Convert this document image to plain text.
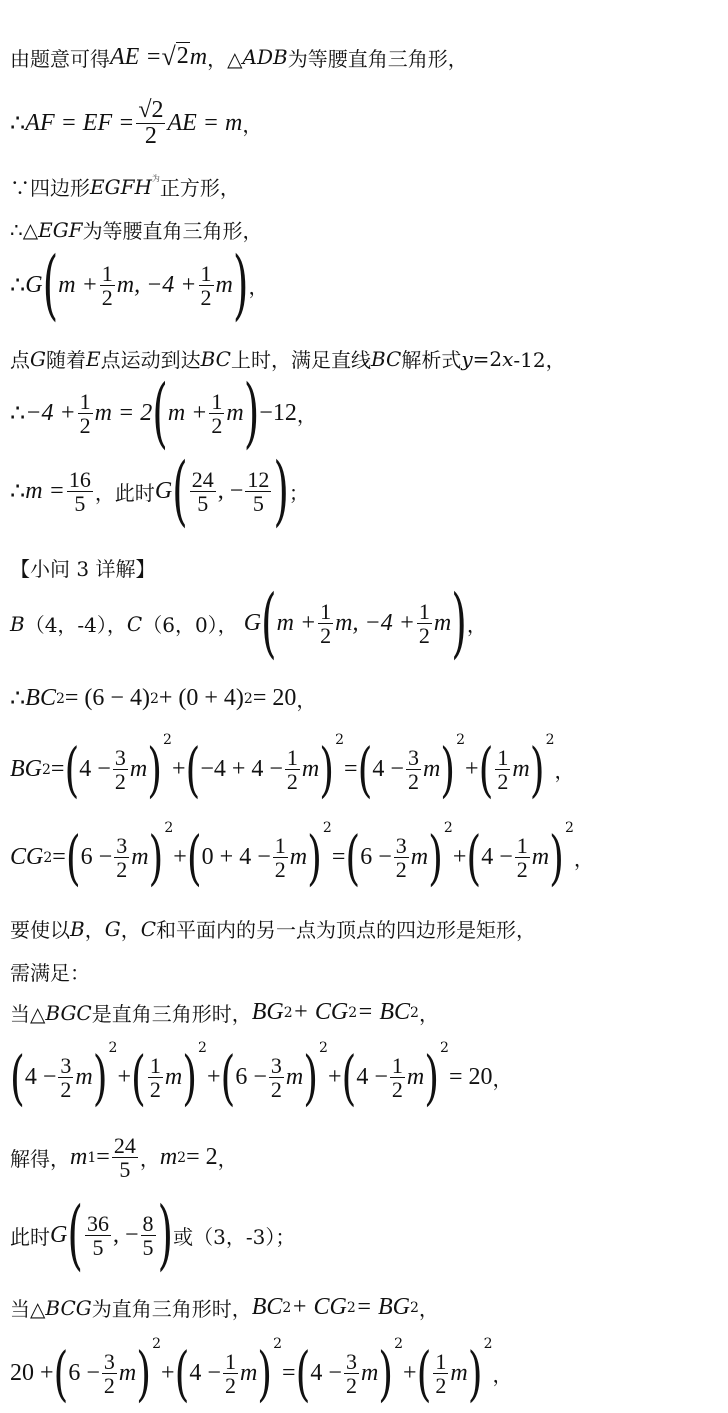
由题意可得 AE = √ 2 m ，△ ADB 为等腰直角三角形，
∴ AF = EF = $\frac{√2}{2}$ AE = m ，
∵四边形 EGFH 为 正方形，
∴△ EGF 为等腰直角三角形，
∴ G ( $m + \frac{1}{2} m$, $-4 + \frac{1}{2}$ m ) ，
点 G 随着 E 点运动到达 BC 上时，满足直线 BC 解析式 y =2 x -12，
∴ $-4 + \frac{1}{2}$ m = 2 ( $m + \frac{1}{2}$ m ) −12 ，
∴ $m = \frac{16}{5}$ ，此时 G ( $\frac{24}{5}$ , − $\frac{12}{5}$ ) ；
【小问 3 详解】
B （4，-4）， C （6，0）， G ( $m + \frac{1}{2} m$, $-4 + \frac{1}{2}$ m ) ，
∴ BC 2 = (6 − 4) 2 + (0 + 4) 2 = 20 ，
BG 2 = ( $4 - \frac{3}{2}$ m ) 2
+ ( $-4 + 4 - \frac{1}{2}$ m ) 2
= ( $4 - \frac{3}{2}$ m ) 2
+ ( $\frac{1}{2}$ m ) 2
，
CG 2 = ( $6 - \frac{3}{2}$ m ) 2
+ ( $0 + 4 - \frac{1}{2}$ m ) 2
= ( $6 - \frac{3}{2}$ m ) 2
+ ( $4 - \frac{1}{2}$ m ) 2
，
要使以 B ， G ， C 和平面内的另一点为顶点的四边形是矩形，
需满足：
当△ BGC 是直角三角形时， BG 2 + CG 2 = BC 2 ，
( $4 - \frac{3}{2}$ m ) 2
+ ( $\frac{1}{2}$ m ) 2
+ ( $6 - \frac{3}{2}$ m ) 2
+ ( $4 - \frac{1}{2}$ m ) 2
= 20 ，
解得， m $1 = \frac{24}{5}$ ， m 2 = 2 ，
此时 G ( $\frac{36}{5}$ , − $\frac{8}{5}$ ) 或（3，-3）；
当△ BCG 为直角三角形时， BC 2 + CG 2 = BG 2 ，
20 + ( $6 - \frac{3}{2}$ m ) 2
+ ( $4 - \frac{1}{2}$ m ) 2
= ( $4 - \frac{3}{2}$ m ) 2
+ ( $\frac{1}{2}$ m ) 2
，
